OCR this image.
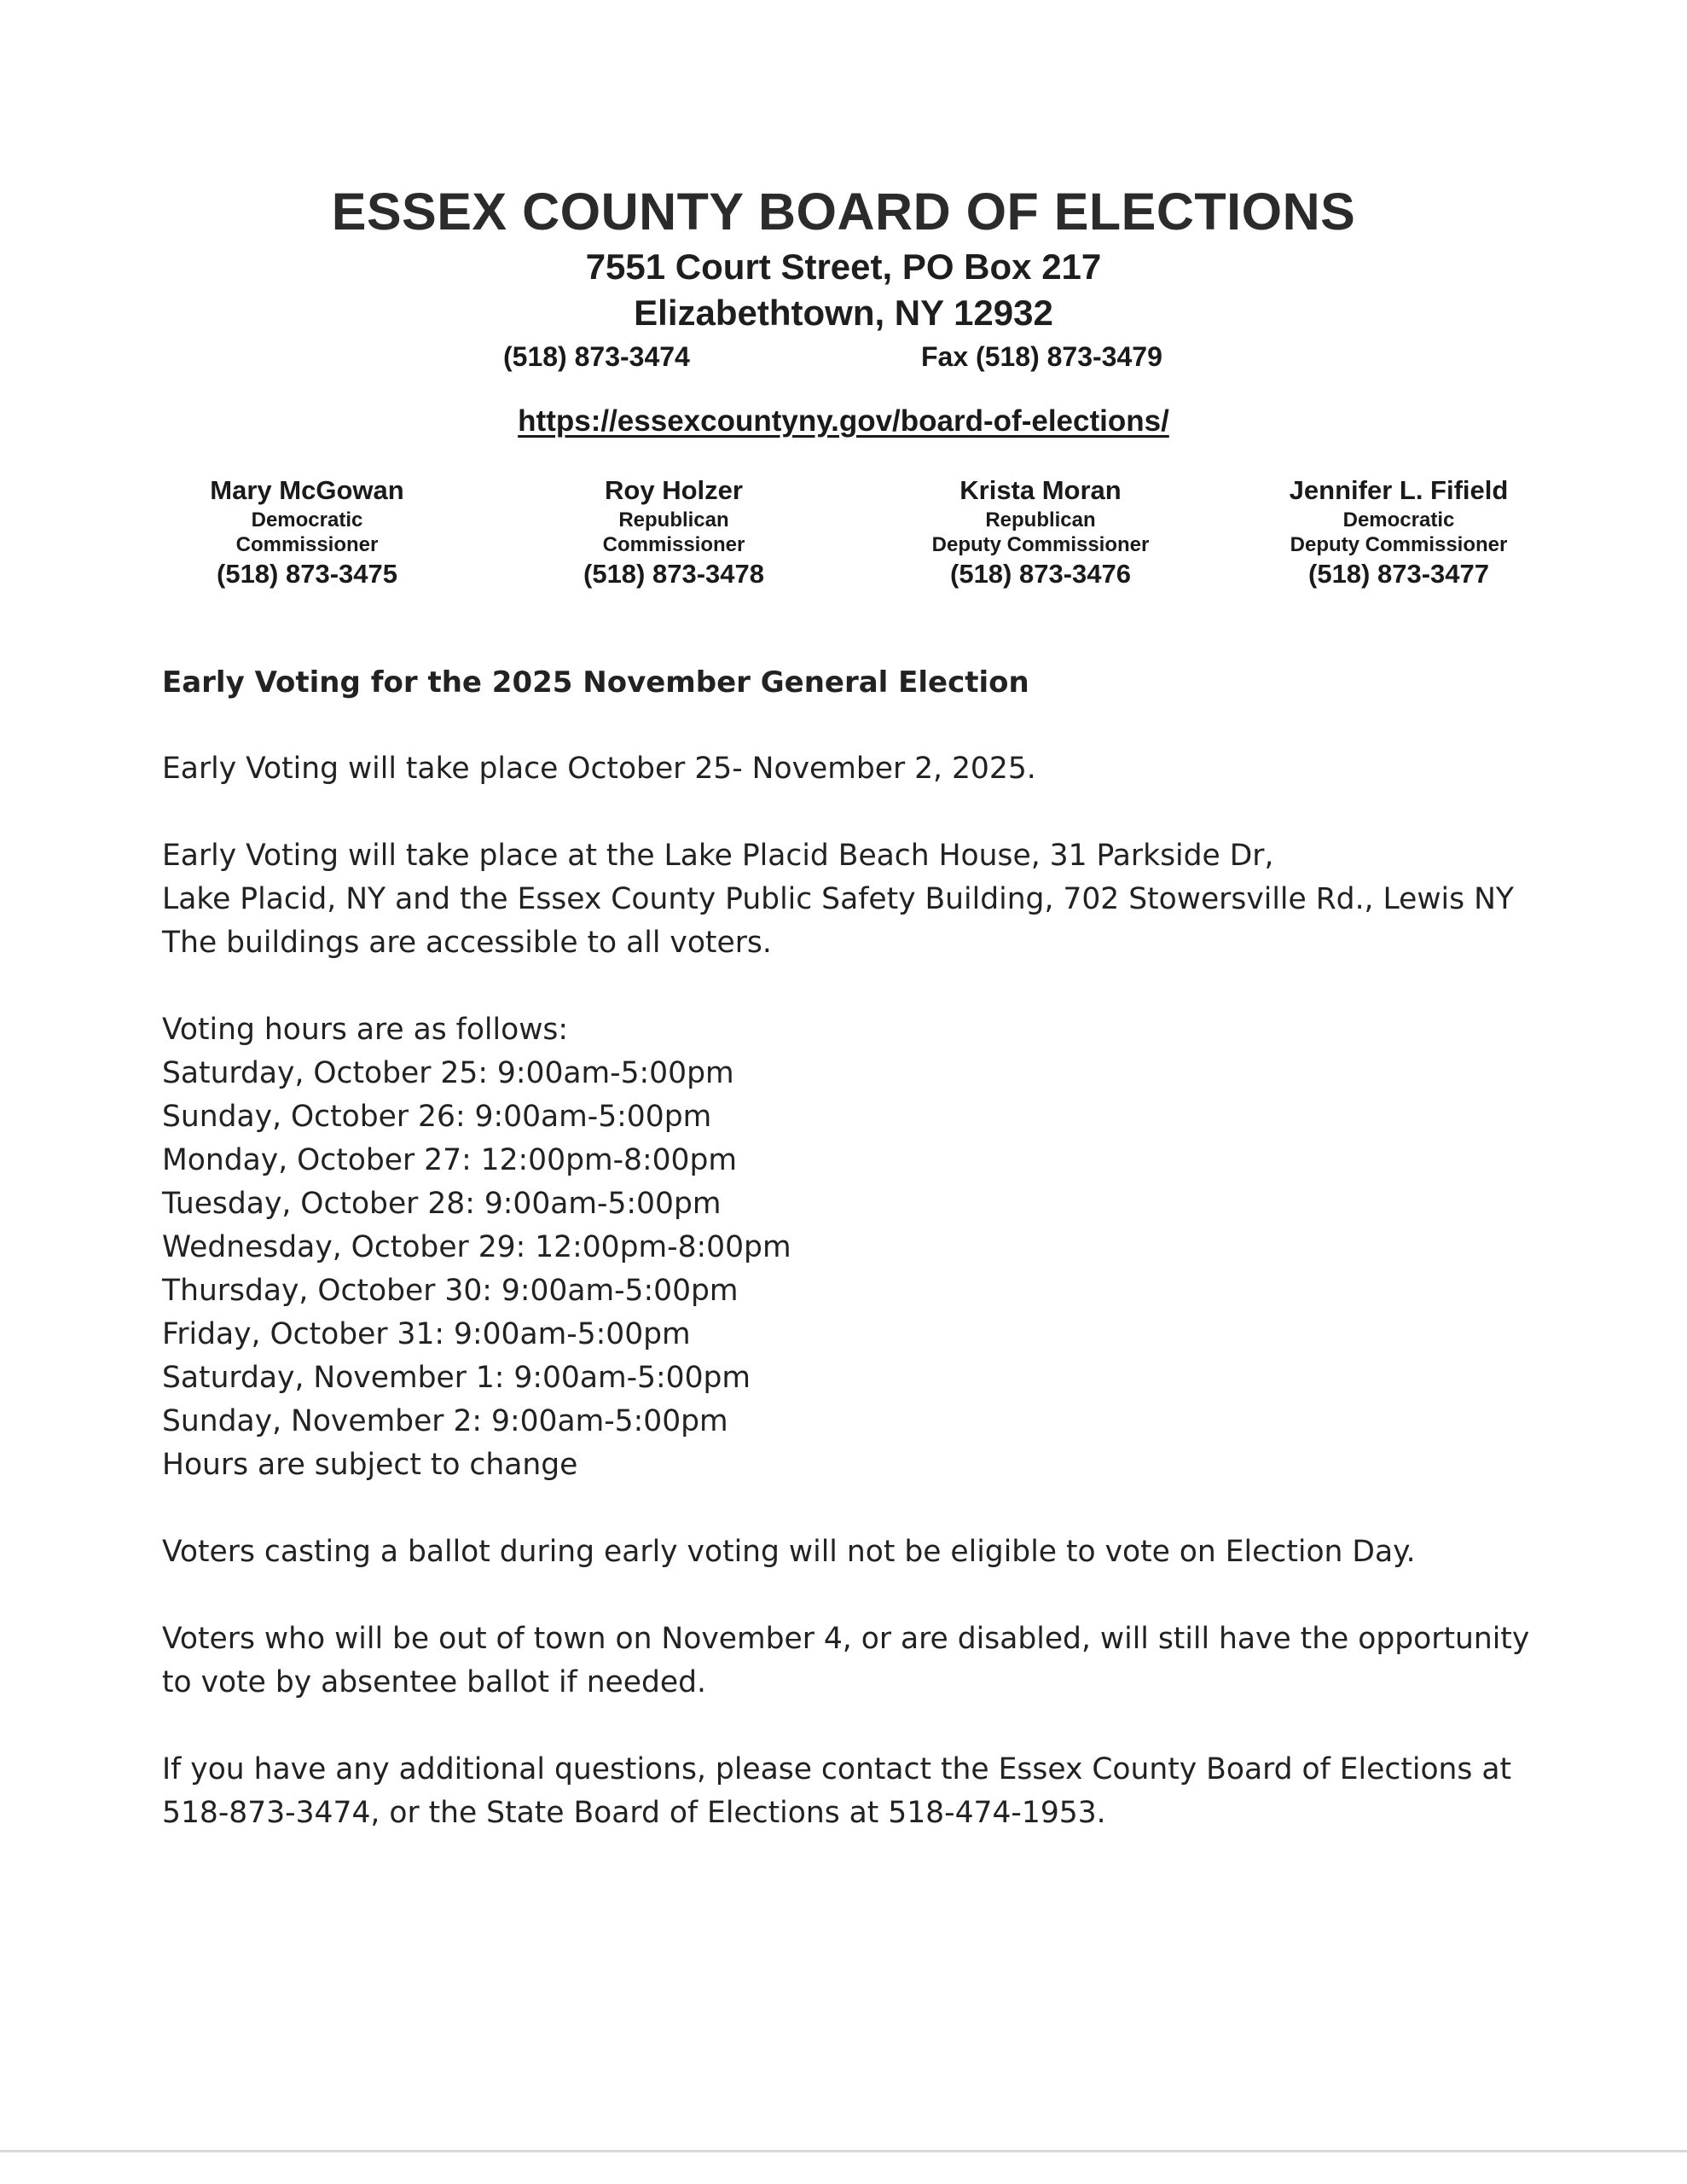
ESSEX COUNTY BOARD OF ELECTIONS
7551 Court Street, PO Box 217
Elizabethtown, NY 12932
(518) 873-3474	Fax (518) 873-3479
https://essexcountyny.gov/board-of-elections/
Mary McGowan
Democratic
Commissioner
(518) 873-3475
Roy Holzer
Republican
Commissioner
(518) 873-3478
Krista Moran
Republican
Deputy Commissioner
(518) 873-3476
Jennifer L. Fifield
Democratic
Deputy Commissioner
(518) 873-3477
Early Voting for the 2025 November General Election
Early Voting will take place October 25- November 2, 2025.
Early Voting will take place at the Lake Placid Beach House, 31 Parkside Dr,
Lake Placid, NY and the Essex County Public Safety Building, 702 Stowersville Rd., Lewis NY
The buildings are accessible to all voters.
Voting hours are as follows:
Saturday, October 25: 9:00am-5:00pm
Sunday, October 26: 9:00am-5:00pm
Monday, October 27: 12:00pm-8:00pm
Tuesday, October 28: 9:00am-5:00pm
Wednesday, October 29: 12:00pm-8:00pm
Thursday, October 30: 9:00am-5:00pm
Friday, October 31: 9:00am-5:00pm
Saturday, November 1: 9:00am-5:00pm
Sunday, November 2: 9:00am-5:00pm
Hours are subject to change
Voters casting a ballot during early voting will not be eligible to vote on Election Day.
Voters who will be out of town on November 4, or are disabled, will still have the opportunity
to vote by absentee ballot if needed.
If you have any additional questions, please contact the Essex County Board of Elections at
518-873-3474, or the State Board of Elections at 518-474-1953.
